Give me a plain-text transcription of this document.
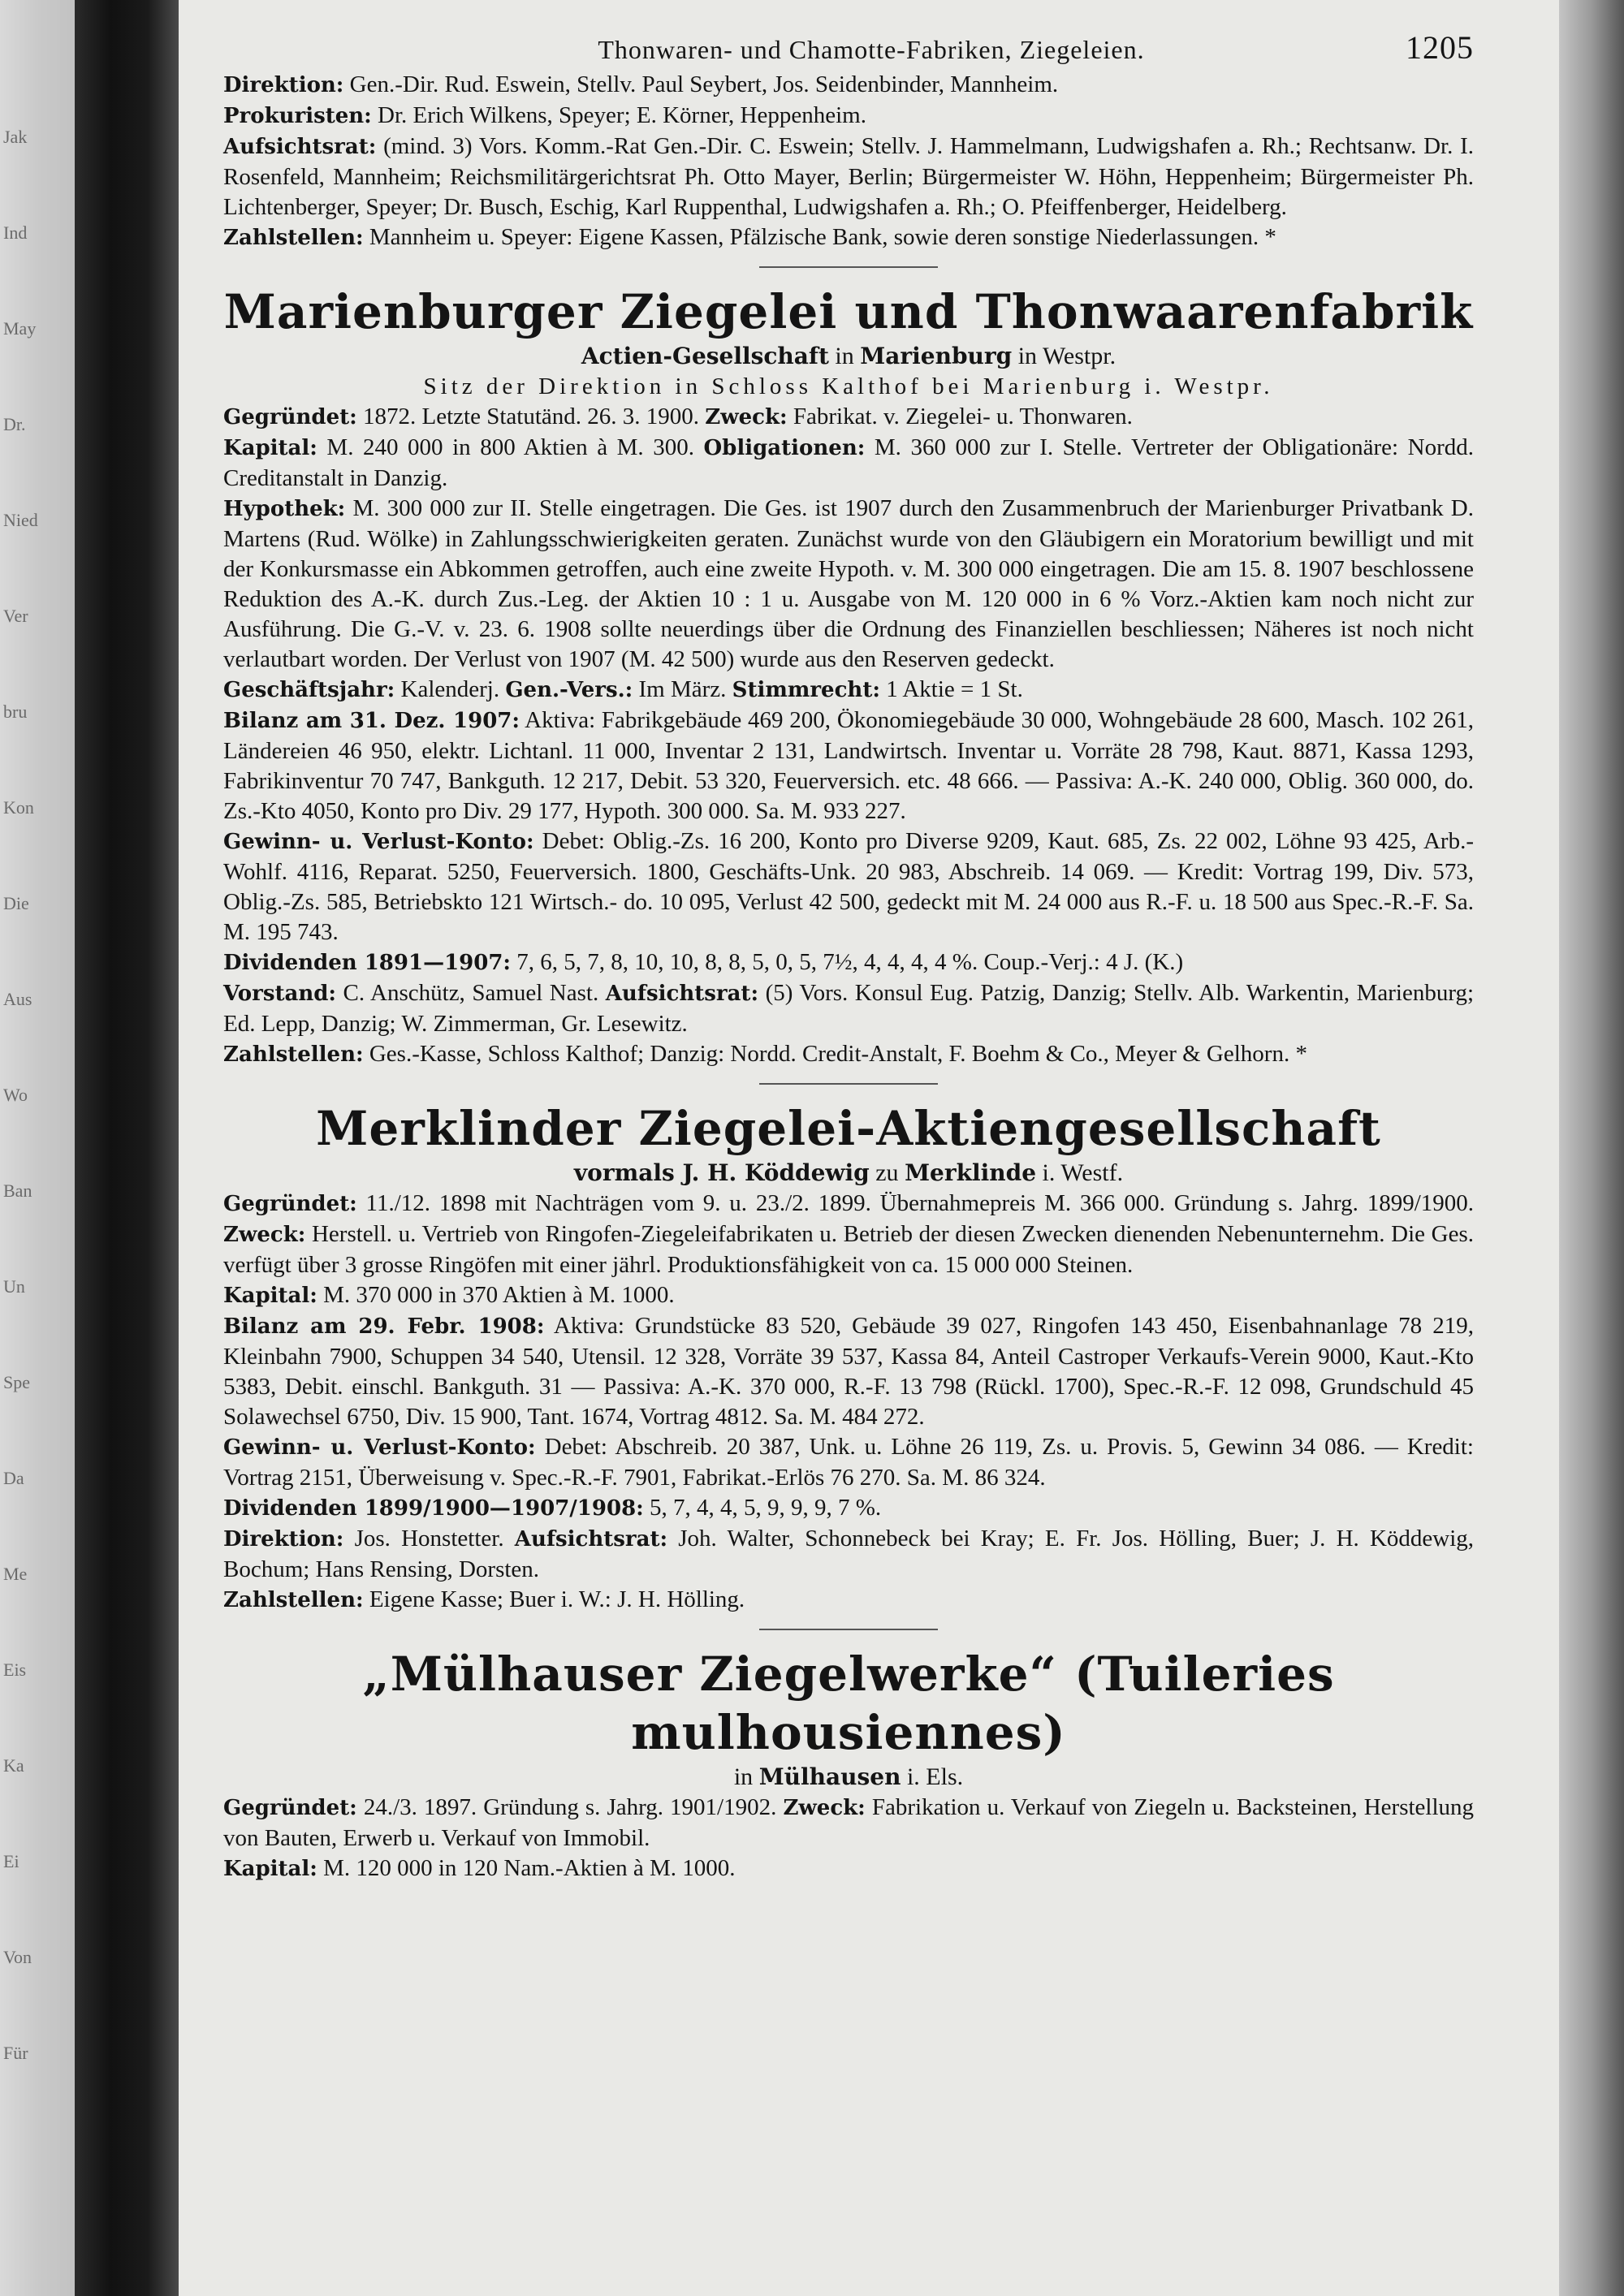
Thonwaren- und Chamotte-Fabriken, Ziegeleien.	1205

Direktion: Gen.-Dir. Rud. Eswein, Stellv. Paul Seybert, Jos. Seidenbinder, Mannheim.

Prokuristen: Dr. Erich Wilkens, Speyer; E. Körner, Heppenheim.

Aufsichtsrat: (mind. 3) Vors. Komm.-Rat Gen.-Dir. C. Eswein; Stellv. J. Hammelmann, Ludwigshafen a. Rh.; Rechtsanw. Dr. I. Rosenfeld, Mannheim; Reichsmilitärgerichtsrat Ph. Otto Mayer, Berlin; Bürgermeister W. Höhn, Heppenheim; Bürgermeister Ph. Lichtenberger, Speyer; Dr. Busch, Eschig, Karl Ruppenthal, Ludwigshafen a. Rh.; O. Pfeiffenberger, Heidelberg.

Zahlstellen: Mannheim u. Speyer: Eigene Kassen, Pfälzische Bank, sowie deren sonstige Niederlassungen. *

Marienburger Ziegelei und Thonwaarenfabrik

Actien-Gesellschaft in Marienburg in Westpr.

Sitz der Direktion in Schloss Kalthof bei Marienburg i. Westpr.

Gegründet: 1872. Letzte Statutänd. 26. 3. 1900. Zweck: Fabrikat. v. Ziegelei- u. Thonwaren.

Kapital: M. 240 000 in 800 Aktien à M. 300. Obligationen: M. 360 000 zur I. Stelle. Vertreter der Obligationäre: Nordd. Creditanstalt in Danzig.

Hypothek: M. 300 000 zur II. Stelle eingetragen. Die Ges. ist 1907 durch den Zusammenbruch der Marienburger Privatbank D. Martens (Rud. Wölke) in Zahlungsschwierigkeiten geraten. Zunächst wurde von den Gläubigern ein Moratorium bewilligt und mit der Konkursmasse ein Abkommen getroffen, auch eine zweite Hypoth. v. M. 300 000 eingetragen. Die am 15. 8. 1907 beschlossene Reduktion des A.-K. durch Zus.-Leg. der Aktien 10 : 1 u. Ausgabe von M. 120 000 in 6 % Vorz.-Aktien kam noch nicht zur Ausführung. Die G.-V. v. 23. 6. 1908 sollte neuerdings über die Ordnung des Finanziellen beschliessen; Näheres ist noch nicht verlautbart worden. Der Verlust von 1907 (M. 42 500) wurde aus den Reserven gedeckt.

Geschäftsjahr: Kalenderj. Gen.-Vers.: Im März. Stimmrecht: 1 Aktie = 1 St.

Bilanz am 31. Dez. 1907: Aktiva: Fabrikgebäude 469 200, Ökonomiegebäude 30 000, Wohngebäude 28 600, Masch. 102 261, Ländereien 46 950, elektr. Lichtanl. 11 000, Inventar 2 131, Landwirtsch. Inventar u. Vorräte 28 798, Kaut. 8871, Kassa 1293, Fabrikinventur 70 747, Bankguth. 12 217, Debit. 53 320, Feuerversich. etc. 48 666. — Passiva: A.-K. 240 000, Oblig. 360 000, do. Zs.-Kto 4050, Konto pro Div. 29 177, Hypoth. 300 000. Sa. M. 933 227.

Gewinn- u. Verlust-Konto: Debet: Oblig.-Zs. 16 200, Konto pro Diverse 9209, Kaut. 685, Zs. 22 002, Löhne 93 425, Arb.-Wohlf. 4116, Reparat. 5250, Feuerversich. 1800, Geschäfts-Unk. 20 983, Abschreib. 14 069. — Kredit: Vortrag 199, Div. 573, Oblig.-Zs. 585, Betriebskto 121 Wirtsch.- do. 10 095, Verlust 42 500, gedeckt mit M. 24 000 aus R.-F. u. 18 500 aus Spec.-R.-F. Sa. M. 195 743.

Dividenden 1891—1907: 7, 6, 5, 7, 8, 10, 10, 8, 8, 5, 0, 5, 7½, 4, 4, 4, 4 %. Coup.-Verj.: 4 J. (K.)

Vorstand: C. Anschütz, Samuel Nast. Aufsichtsrat: (5) Vors. Konsul Eug. Patzig, Danzig; Stellv. Alb. Warkentin, Marienburg; Ed. Lepp, Danzig; W. Zimmerman, Gr. Lesewitz.

Zahlstellen: Ges.-Kasse, Schloss Kalthof; Danzig: Nordd. Credit-Anstalt, F. Boehm & Co., Meyer & Gelhorn. *

Merklinder Ziegelei-Aktiengesellschaft

vormals J. H. Köddewig zu Merklinde i. Westf.

Gegründet: 11./12. 1898 mit Nachträgen vom 9. u. 23./2. 1899. Übernahmepreis M. 366 000. Gründung s. Jahrg. 1899/1900. Zweck: Herstell. u. Vertrieb von Ringofen-Ziegeleifabrikaten u. Betrieb der diesen Zwecken dienenden Nebenunternehm. Die Ges. verfügt über 3 grosse Ringöfen mit einer jährl. Produktionsfähigkeit von ca. 15 000 000 Steinen.

Kapital: M. 370 000 in 370 Aktien à M. 1000.

Bilanz am 29. Febr. 1908: Aktiva: Grundstücke 83 520, Gebäude 39 027, Ringofen 143 450, Eisenbahnanlage 78 219, Kleinbahn 7900, Schuppen 34 540, Utensil. 12 328, Vorräte 39 537, Kassa 84, Anteil Castroper Verkaufs-Verein 9000, Kaut.-Kto 5383, Debit. einschl. Bankguth. 31 — Passiva: A.-K. 370 000, R.-F. 13 798 (Rückl. 1700), Spec.-R.-F. 12 098, Grundschuld 45 Solawechsel 6750, Div. 15 900, Tant. 1674, Vortrag 4812. Sa. M. 484 272.

Gewinn- u. Verlust-Konto: Debet: Abschreib. 20 387, Unk. u. Löhne 26 119, Zs. u. Provis. 5, Gewinn 34 086. — Kredit: Vortrag 2151, Überweisung v. Spec.-R.-F. 7901, Fabrikat.-Erlös 76 270. Sa. M. 86 324.

Dividenden 1899/1900—1907/1908: 5, 7, 4, 4, 5, 9, 9, 9, 7 %.

Direktion: Jos. Honstetter. Aufsichtsrat: Joh. Walter, Schonnebeck bei Kray; E. Fr. Jos. Hölling, Buer; J. H. Köddewig, Bochum; Hans Rensing, Dorsten.

Zahlstellen: Eigene Kasse; Buer i. W.: J. H. Hölling.

„Mülhauser Ziegelwerke“ (Tuileries mulhousiennes)

in Mülhausen i. Els.

Gegründet: 24./3. 1897. Gründung s. Jahrg. 1901/1902. Zweck: Fabrikation u. Verkauf von Ziegeln u. Backsteinen, Herstellung von Bauten, Erwerb u. Verkauf von Immobil.

Kapital: M. 120 000 in 120 Nam.-Aktien à M. 1000.

Jak
Ind
May
Dr.
Nied
Ver
bru
Kon
Die
Aus
Wo
Ban
Un
Spe
Da
Me
Eis
Ka
Ei
Von
Für
